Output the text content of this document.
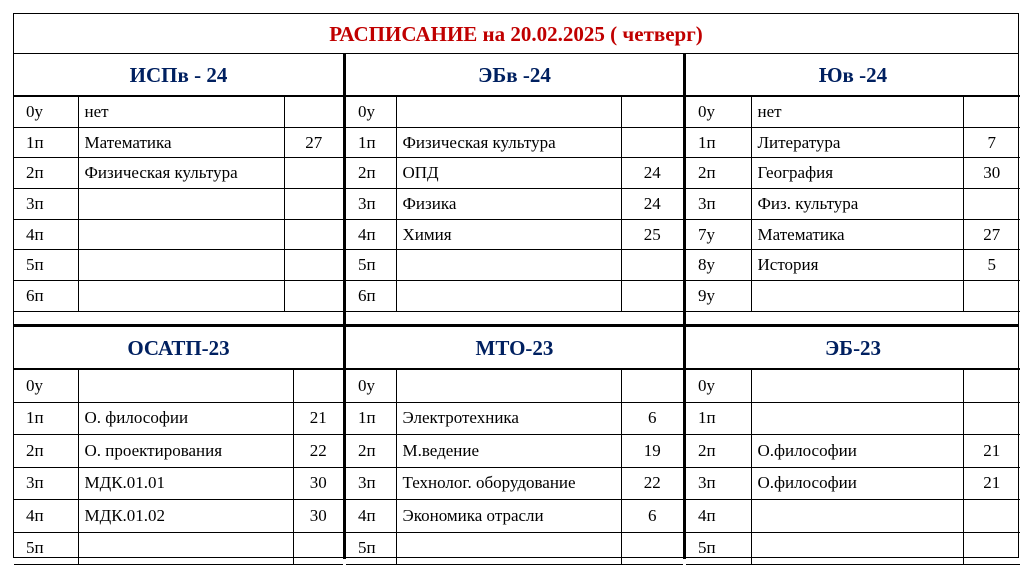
РАСПИСАНИЕ на 20.02.2025 ( четверг)
ИСПв - 24
0у	нет	
1п	Математика	27
2п	Физическая культура	
3п		
4п		
5п		
6п		
ЭБв -24
0у		
1п	Физическая культура	
2п	ОПД	24
3п	Физика	24
4п	Химия	25
5п		
6п		
Юв -24
0у	нет	
1п	Литература	7
2п	География	30
3п	Физ. культура	
7у	Математика	27
8у	История	5
9у		
ОСАТП-23
0у		
1п	О. философии	21
2п	О. проектирования	22
3п	МДК.01.01	30
4п	МДК.01.02	30
5п		
МТО-23
0у		
1п	Электротехника	6
2п	М.ведение	19
3п	Технолог. оборудование	22
4п	Экономика отрасли	6
5п		
ЭБ-23
0у		
1п		
2п	О.философии	21
3п	О.философии	21
4п		
5п		
